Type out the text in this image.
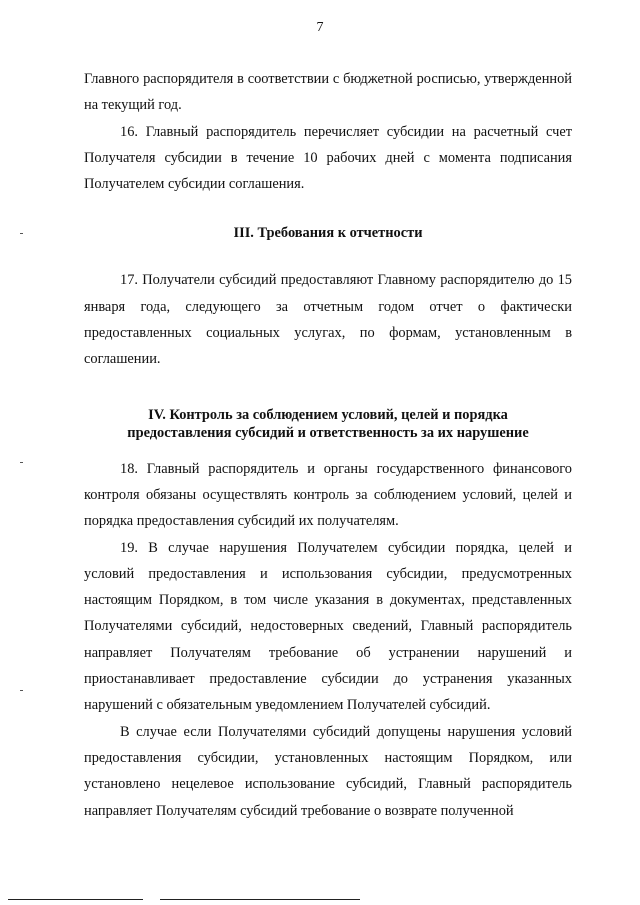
7

Главного распорядителя в соответствии с бюджетной росписью, утвержденной на текущий год.

16. Главный распорядитель перечисляет субсидии на расчетный счет Получателя субсидии в течение 10 рабочих дней с момента подписания Получателем субсидии соглашения.

III. Требования к отчетности

17. Получатели субсидий предоставляют Главному распорядителю до 15 января года, следующего за отчетным годом отчет о фактически предоставленных социальных услугах, по формам, установленным в соглашении.

IV. Контроль за соблюдением условий, целей и порядка

предоставления субсидий и ответственность за их нарушение

18. Главный распорядитель и органы государственного финансового контроля обязаны осуществлять контроль за соблюдением условий, целей и порядка предоставления субсидий их получателям.

19. В случае нарушения Получателем субсидии порядка, целей и условий предоставления и использования субсидии, предусмотренных настоящим Порядком, в том числе указания в документах, представленных Получателями субсидий, недостоверных сведений, Главный распорядитель направляет Получателям требование об устранении нарушений и приостанавливает предоставление субсидии до устранения указанных нарушений с обязательным уведомлением Получателей субсидий.

В случае если Получателями субсидий допущены нарушения условий предоставления субсидии, установленных настоящим Порядком, или установлено нецелевое использование субсидий, Главный распорядитель направляет Получателям субсидий требование о возврате полученной
